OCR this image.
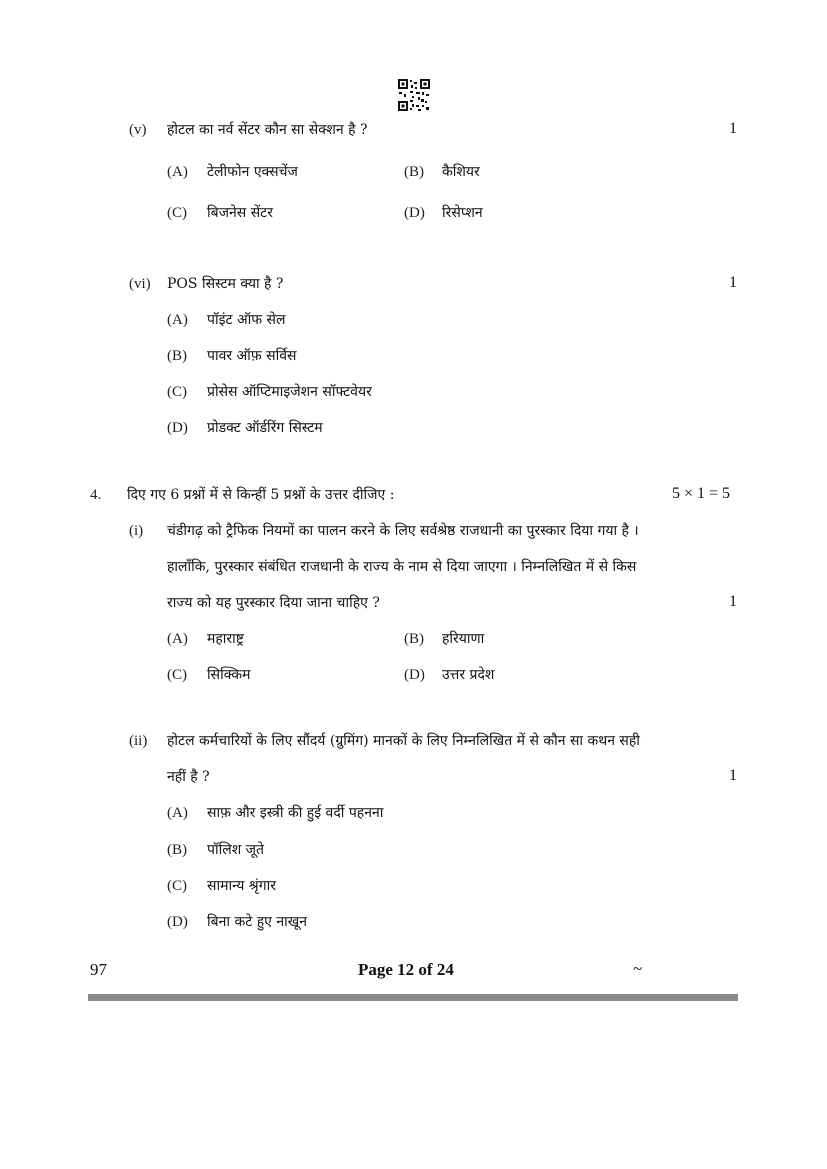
(v) होटल का नर्व सेंटर कौन सा सेक्शन है ?	1
(A) टेलीफोन एक्सचेंज	(B) कैशियर
(C) बिजनेस सेंटर	(D) रिसेप्शन
(vi) POS सिस्टम क्या है ?	1
(A) पॉइंट ऑफ सेल
(B) पावर ऑफ़ सर्विस
(C) प्रोसेस ऑप्टिमाइजेशन सॉफ्टवेयर
(D) प्रोडक्ट ऑर्डरिंग सिस्टम
4. दिए गए 6 प्रश्नों में से किन्हीं 5 प्रश्नों के उत्तर दीजिए :	5 × 1 = 5
(i) चंडीगढ़ को ट्रैफिक नियमों का पालन करने के लिए सर्वश्रेष्ठ राजधानी का पुरस्कार दिया गया है ।
हालाँकि, पुरस्कार संबंधित राजधानी के राज्य के नाम से दिया जाएगा । निम्नलिखित में से किस
राज्य को यह पुरस्कार दिया जाना चाहिए ?	1
(A) महाराष्ट्र	(B) हरियाणा
(C) सिक्किम	(D) उत्तर प्रदेश
(ii) होटल कर्मचारियों के लिए सौंदर्य (ग्रुमिंग) मानकों के लिए निम्नलिखित में से कौन सा कथन सही
नहीं है ?	1
(A) साफ़ और इस्त्री की हुई वर्दी पहनना
(B) पॉलिश जूते
(C) सामान्य श्रृंगार
(D) बिना कटे हुए नाखून
97	Page 12 of 24	~
